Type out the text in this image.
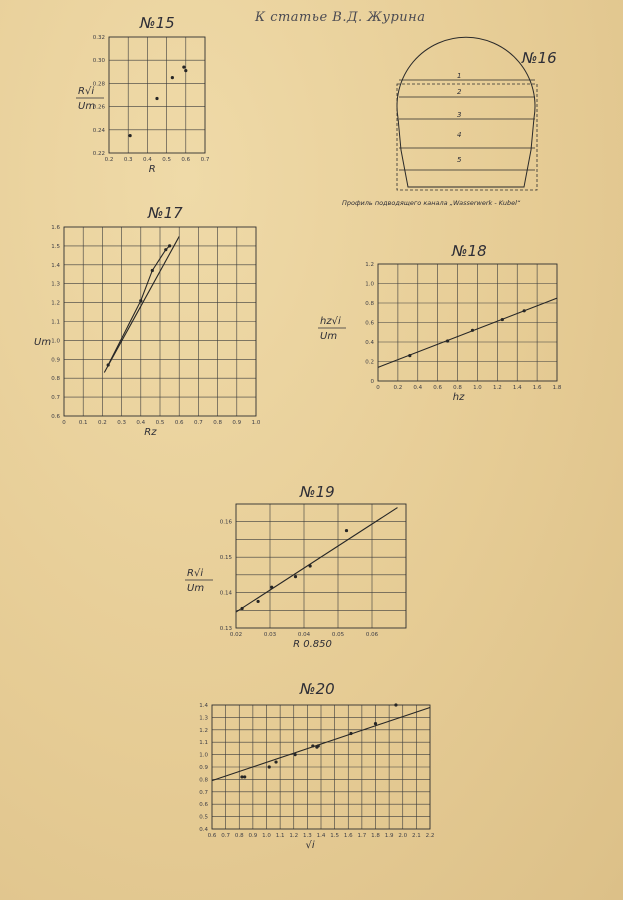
К статье В.Д. Журина
№15
0.2 0.3 0.4 0.5 0.6 0.7
0.22
0.24
0.26
0.28
0.30
0.32
R
R√i
Um
№16
1
2
3
4
5
Профиль подводящего канала „Wasserwerk - Kubel“
№17
0 0.1 0.2 0.3 0.4 0.5 0.6 0.7 0.8 0.9 1.0
0.6
0.7
0.8
0.9
1.0
1.1
1.2
1.3
1.4
1.5
1.6
Rz
Um
№18
0	0.2 0.4 0.6 0.8 1.0 1.2 1.4 1.6 1.8
0
0.2
0.4
0.6
0.8
1.0
1.2
hz
hz√i
Um
№19
0.02	0.03	0.04	0.05	0.06
0.13
0.14
0.15
0.16
R 0.850
R√i
Um
№20
0.6 0.7 0.8 0.9 1.0 1.1 1.2 1.3 1.4 1.5 1.6 1.7 1.8 1.9 2.0 2.1 2.2
0.4
0.5
0.6
0.7
0.8
0.9
1.0
1.1
1.2
1.3
1.4
√i
